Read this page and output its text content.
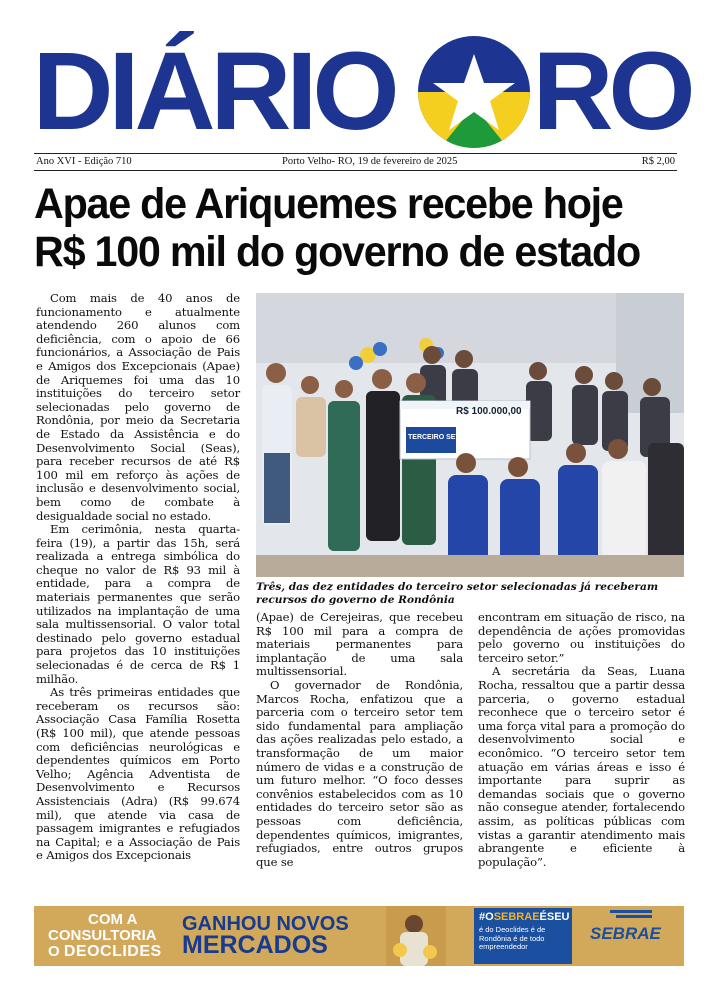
DIÁRIO RO
Ano XVI - Edição 710	Porto Velho- RO, 19 de fevereiro de 2025	R$ 2,00
Apae de Ariquemes recebe hoje
R$ 100 mil do governo de estado

Com mais de 40 anos de funcionamento e atualmente atendendo 260 alunos com deficiência, com o apoio de 66 funcionários, a Associação de Pais e Amigos dos Excepcionais (Apae) de Ariquemes foi uma das 10 instituições do terceiro setor selecionadas pelo governo de Rondônia, por meio da Secretaria de Estado da Assistência e do Desenvolvimento Social (Seas), para receber recursos de até R$ 100 mil em reforço às ações de inclusão e desenvolvimento social, bem como de combate à desigualdade social no estado.

Em cerimônia, nesta quarta-feira (19), a partir das 15h, será realizada a entrega simbólica do cheque no valor de R$ 93 mil à entidade, para a compra de materiais permanentes que serão utilizados na implantação de uma sala multissensorial. O valor total destinado pelo governo estadual para projetos das 10 instituições selecionadas é de cerca de R$ 1 milhão.

As três primeiras entidades que receberam os recursos são: Associação Casa Família Rosetta (R$ 100 mil), que atende pessoas com deficiências neurológicas e dependentes químicos em Porto Velho; Agência Adventista de Desenvolvimento e Recursos Assistenciais (Adra) (R$ 99.674 mil), que atende via casa de passagem imigrantes e refugiados na Capital; e a Associação de Pais e Amigos dos Excepcionais

R$ 100.000,00
TERCEIRO SETOR
Três, das dez entidades do terceiro setor selecionadas já receberam recursos do governo de Rondônia

(Apae) de Cerejeiras, que recebeu R$ 100 mil para a compra de materiais permanentes para implantação de uma sala multissensorial.

O governador de Rondônia, Marcos Rocha, enfatizou que a parceria com o terceiro setor tem sido fundamental para ampliação das ações realizadas pelo estado, a transformação de um maior número de vidas e a construção de um futuro melhor. “O foco desses convênios estabelecidos com as 10 entidades do terceiro setor são as pessoas com deficiência, dependentes químicos, imigrantes, refugiados, entre outros grupos que se

encontram em situação de risco, na dependência de ações promovidas pelo governo ou instituições do terceiro setor.”

A secretária da Seas, Luana Rocha, ressaltou que a partir dessa parceria, o governo estadual reconhece que o terceiro setor é uma força vital para a promoção do desenvolvimento social e econômico. “O terceiro setor tem atuação em várias áreas e isso é importante para suprir as demandas sociais que o governo não consegue atender, fortalecendo assim, as políticas públicas com vistas a garantir atendimento mais abrangente e eficiente à população”.

COM A
CONSULTORIA
O DEOCLIDES
GANHOU NOVOS
MERCADOS
#OSEBRAEÉSEU
é do Deoclides é de Rondônia é de todo empreendedor
SEBRAE
